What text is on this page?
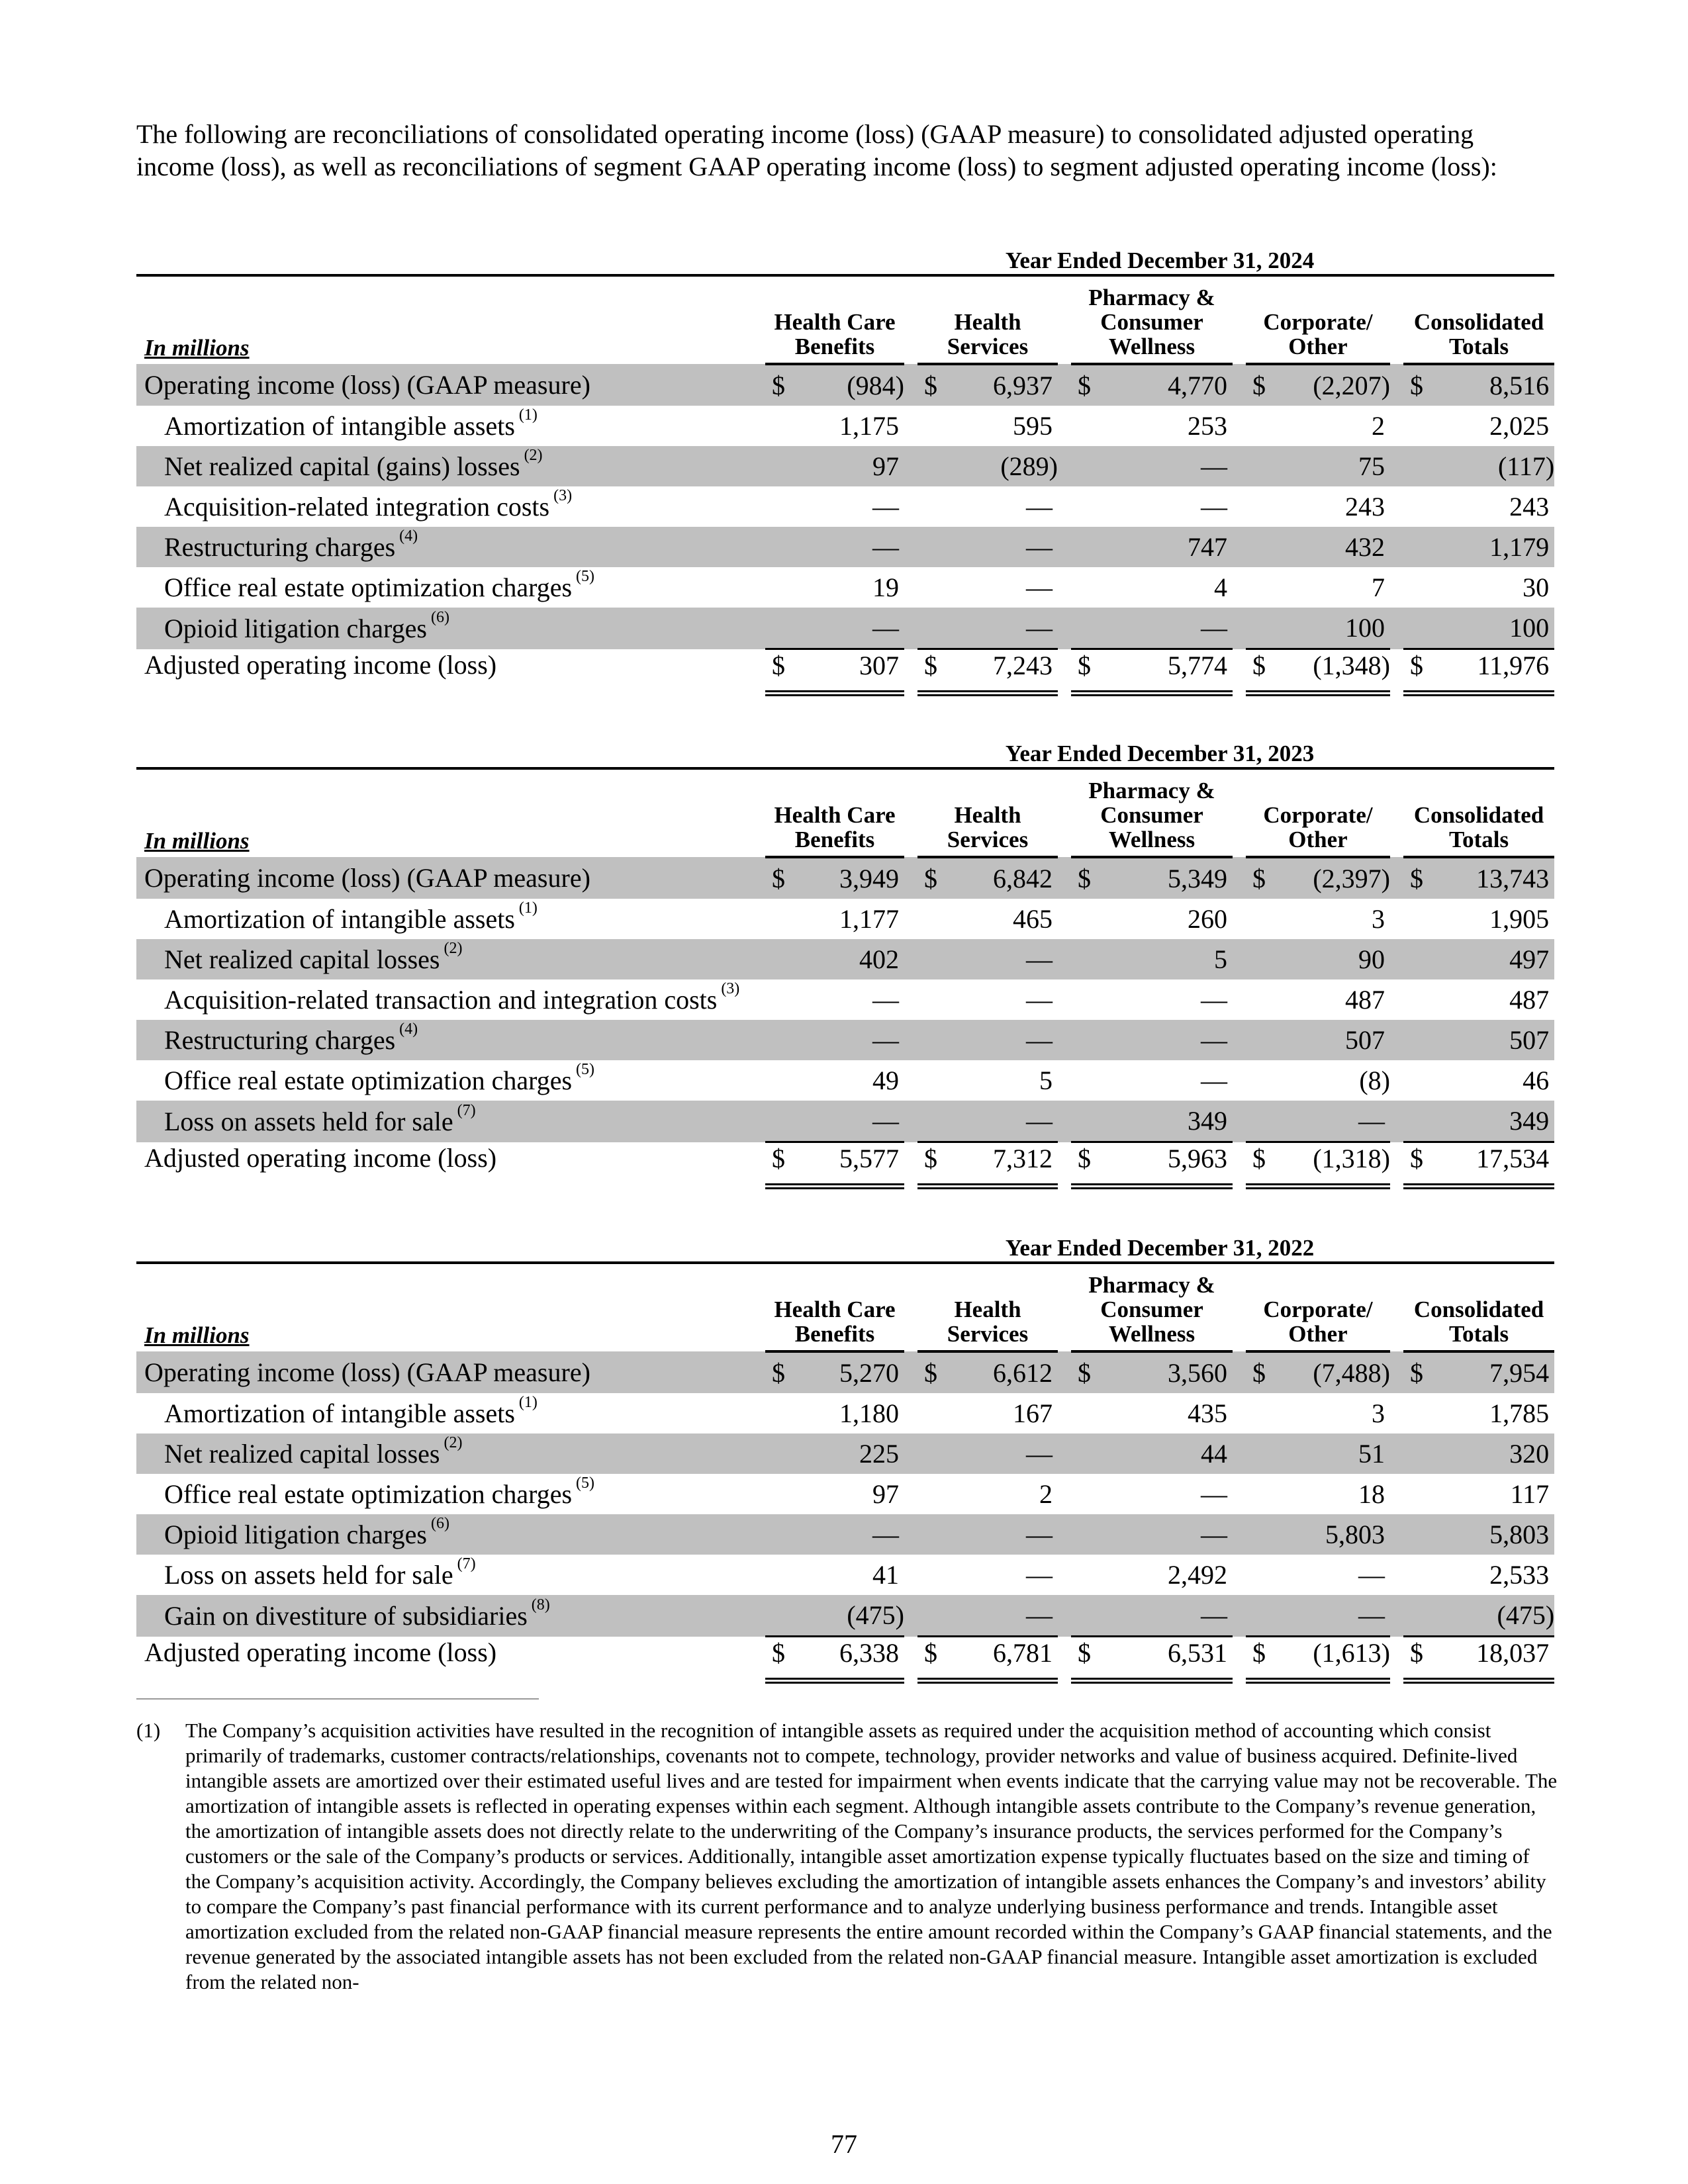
The following are reconciliations of consolidated operating income (loss) (GAAP measure) to consolidated adjusted operating income (loss), as well as reconciliations of segment GAAP operating income (loss) to segment adjusted operating income (loss):

	Year Ended December 31, 2024													
In millions	Health Care
Benefits			Health
Services			Pharmacy &
Consumer
Wellness			Corporate/
Other			Consolidated
Totals	
Operating income (loss) (GAAP measure)	$	(984)		$	6,937		$	4,770		$	(2,207)		$	8,516
Amortization of intangible assets $^{(1)}$		1,175			595			253			2			2,025
Net realized capital (gains) losses $^{(2)}$		97			(289)			—			75			(117)
Acquisition-related integration costs $^{(3)}$		—			—			—			243			243
Restructuring charges $^{(4)}$		—			—			747			432			1,179
Office real estate optimization charges $^{(5)}$		19			—			4			7			30
Opioid litigation charges $^{(6)}$		—			—			—			100			100
Adjusted operating income (loss)	$	307		$	7,243		$	5,774		$	(1,348)		$	11,976
	Year Ended December 31, 2023													
In millions	Health Care
Benefits			Health
Services			Pharmacy &
Consumer
Wellness			Corporate/
Other			Consolidated
Totals	
Operating income (loss) (GAAP measure)	$	3,949		$	6,842		$	5,349		$	(2,397)		$	13,743
Amortization of intangible assets $^{(1)}$		1,177			465			260			3			1,905
Net realized capital losses $^{(2)}$		402			—			5			90			497
Acquisition-related transaction and integration costs $^{(3)}$		—			—			—			487			487
Restructuring charges $^{(4)}$		—			—			—			507			507
Office real estate optimization charges $^{(5)}$		49			5			—			(8)			46
Loss on assets held for sale $^{(7)}$		—			—			349			—			349
Adjusted operating income (loss)	$	5,577		$	7,312		$	5,963		$	(1,318)		$	17,534
	Year Ended December 31, 2022													
In millions	Health Care
Benefits			Health
Services			Pharmacy &
Consumer
Wellness			Corporate/
Other			Consolidated
Totals	
Operating income (loss) (GAAP measure)	$	5,270		$	6,612		$	3,560		$	(7,488)		$	7,954
Amortization of intangible assets $^{(1)}$		1,180			167			435			3			1,785
Net realized capital losses $^{(2)}$		225			—			44			51			320
Office real estate optimization charges $^{(5)}$		97			2			—			18			117
Opioid litigation charges $^{(6)}$		—			—			—			5,803			5,803
Loss on assets held for sale $^{(7)}$		41			—			2,492			—			2,533
Gain on divestiture of subsidiaries $^{(8)}$		(475)			—			—			—			(475)
Adjusted operating income (loss)	$	6,338		$	6,781		$	6,531		$	(1,613)		$	18,037
(1) The Company’s acquisition activities have resulted in the recognition of intangible assets as required under the acquisition method of accounting which consist primarily of trademarks, customer contracts/relationships, covenants not to compete, technology, provider networks and value of business acquired. Definite-lived intangible assets are amortized over their estimated useful lives and are tested for impairment when events indicate that the carrying value may not be recoverable. The amortization of intangible assets is reflected in operating expenses within each segment. Although intangible assets contribute to the Company’s revenue generation, the amortization of intangible assets does not directly relate to the underwriting of the Company’s insurance products, the services performed for the Company’s customers or the sale of the Company’s products or services. Additionally, intangible asset amortization expense typically fluctuates based on the size and timing of the Company’s acquisition activity. Accordingly, the Company believes excluding the amortization of intangible assets enhances the Company’s and investors’ ability to compare the Company’s past financial performance with its current performance and to analyze underlying business performance and trends. Intangible asset amortization excluded from the related non-GAAP financial measure represents the entire amount recorded within the Company’s GAAP financial statements, and the revenue generated by the associated intangible assets has not been excluded from the related non-GAAP financial measure. Intangible asset amortization is excluded from the related non-
77
